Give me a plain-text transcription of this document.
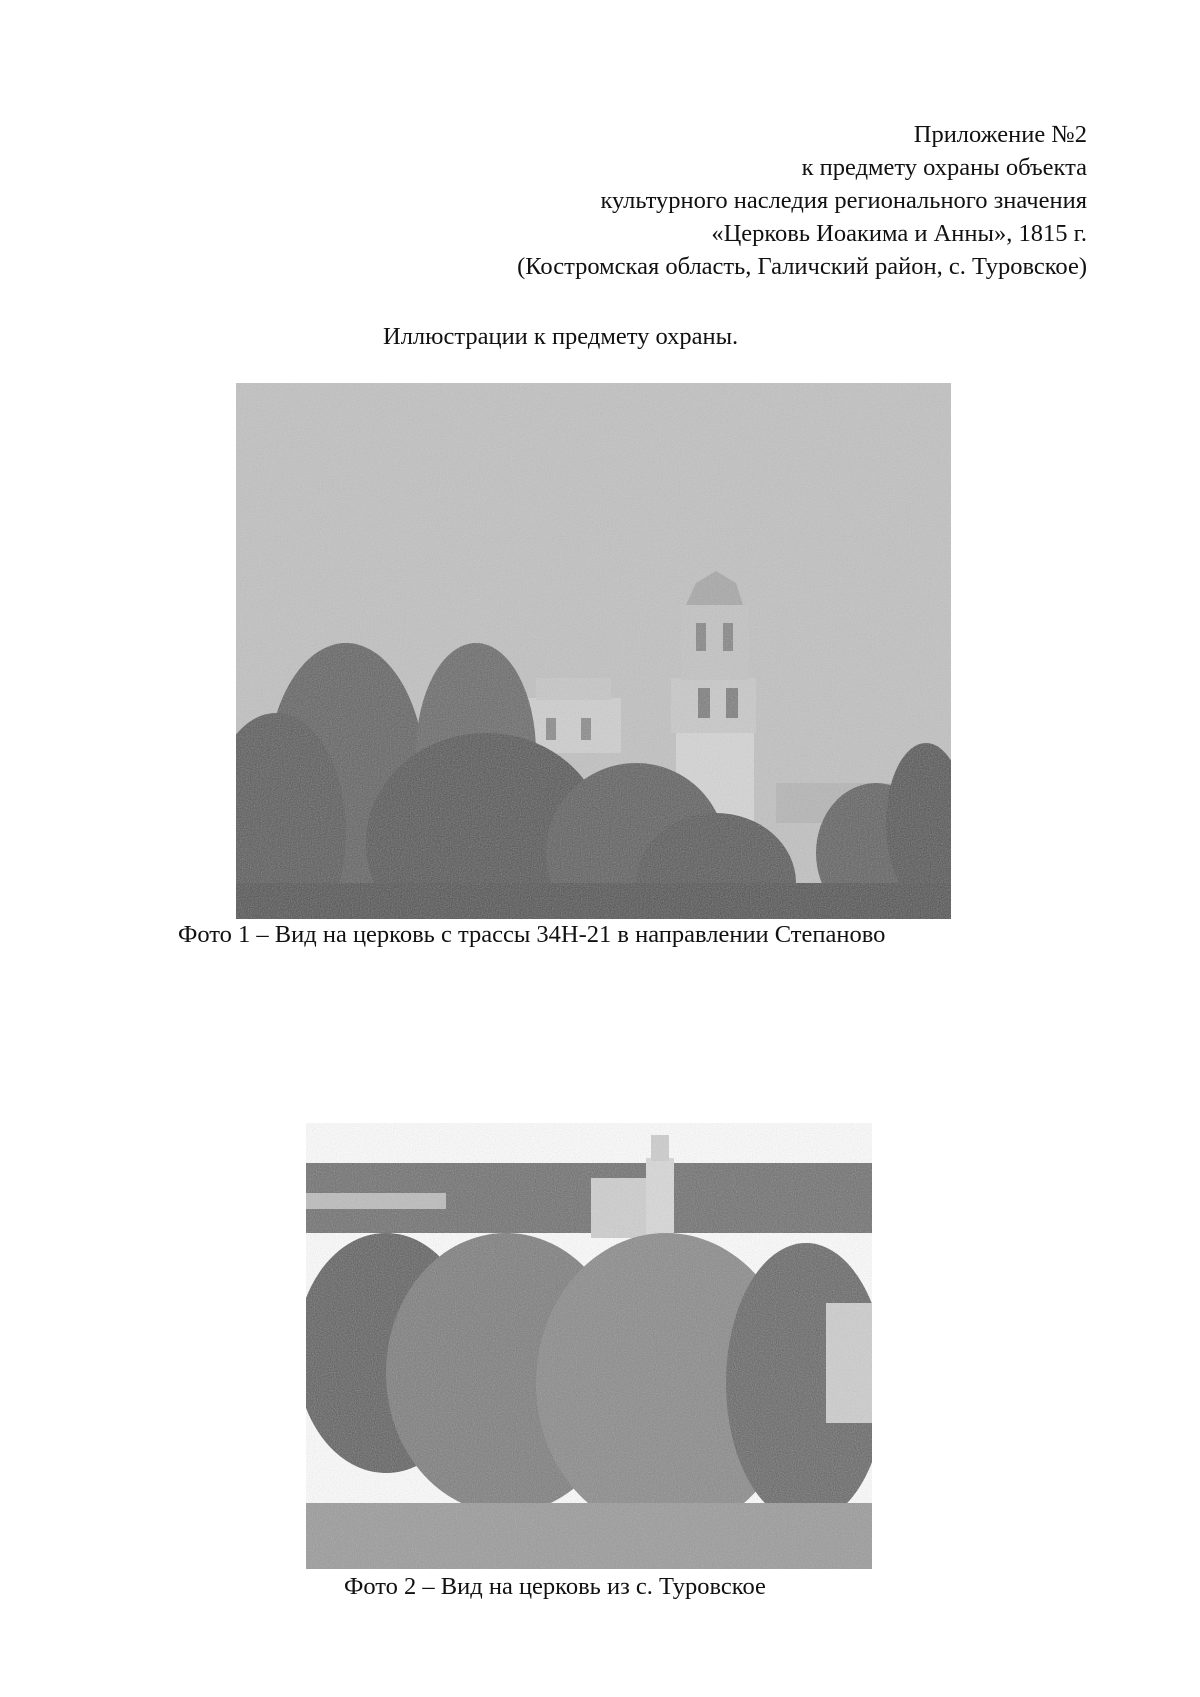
Приложение №2
к предмету охраны объекта
культурного наследия регионального значения
«Церковь Иоакима и Анны», 1815 г.
(Костромская область, Галичский район, с. Туровское)
Иллюстрации к предмету охраны.
Фото 1 – Вид на церковь с трассы 34Н-21 в направлении Степаново
Фото 2 – Вид на церковь из с. Туровское
